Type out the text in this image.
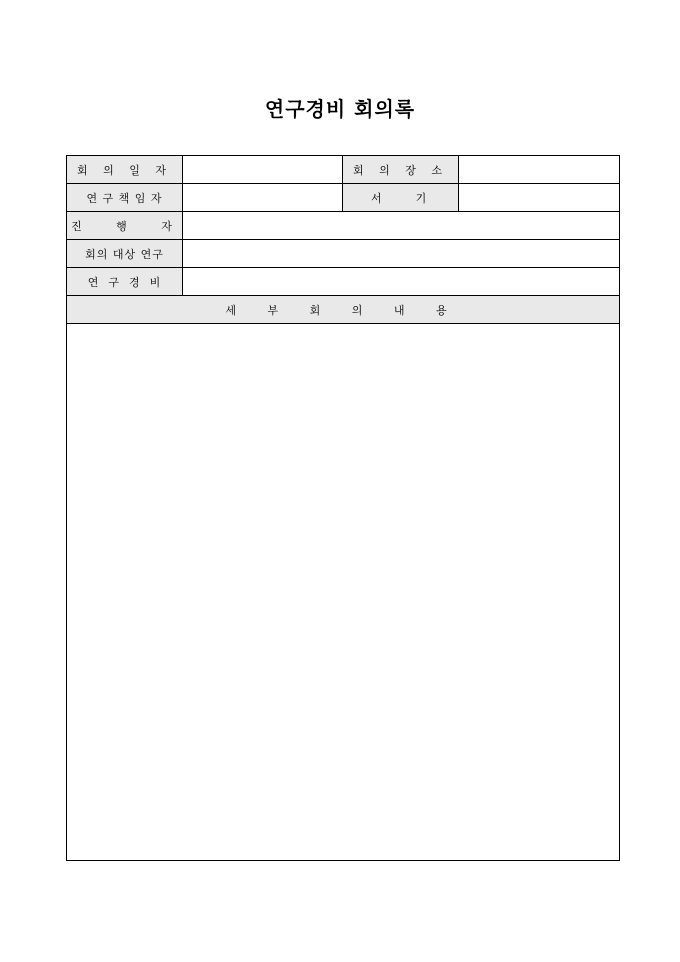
연구경비 회의록
회 의 일 자		회 의 장 소	
연 구 책 임 자		서 기	

진   행   자			
회의 대상 연구			
연  구  경  비			
세 부 회 의 내 용			
